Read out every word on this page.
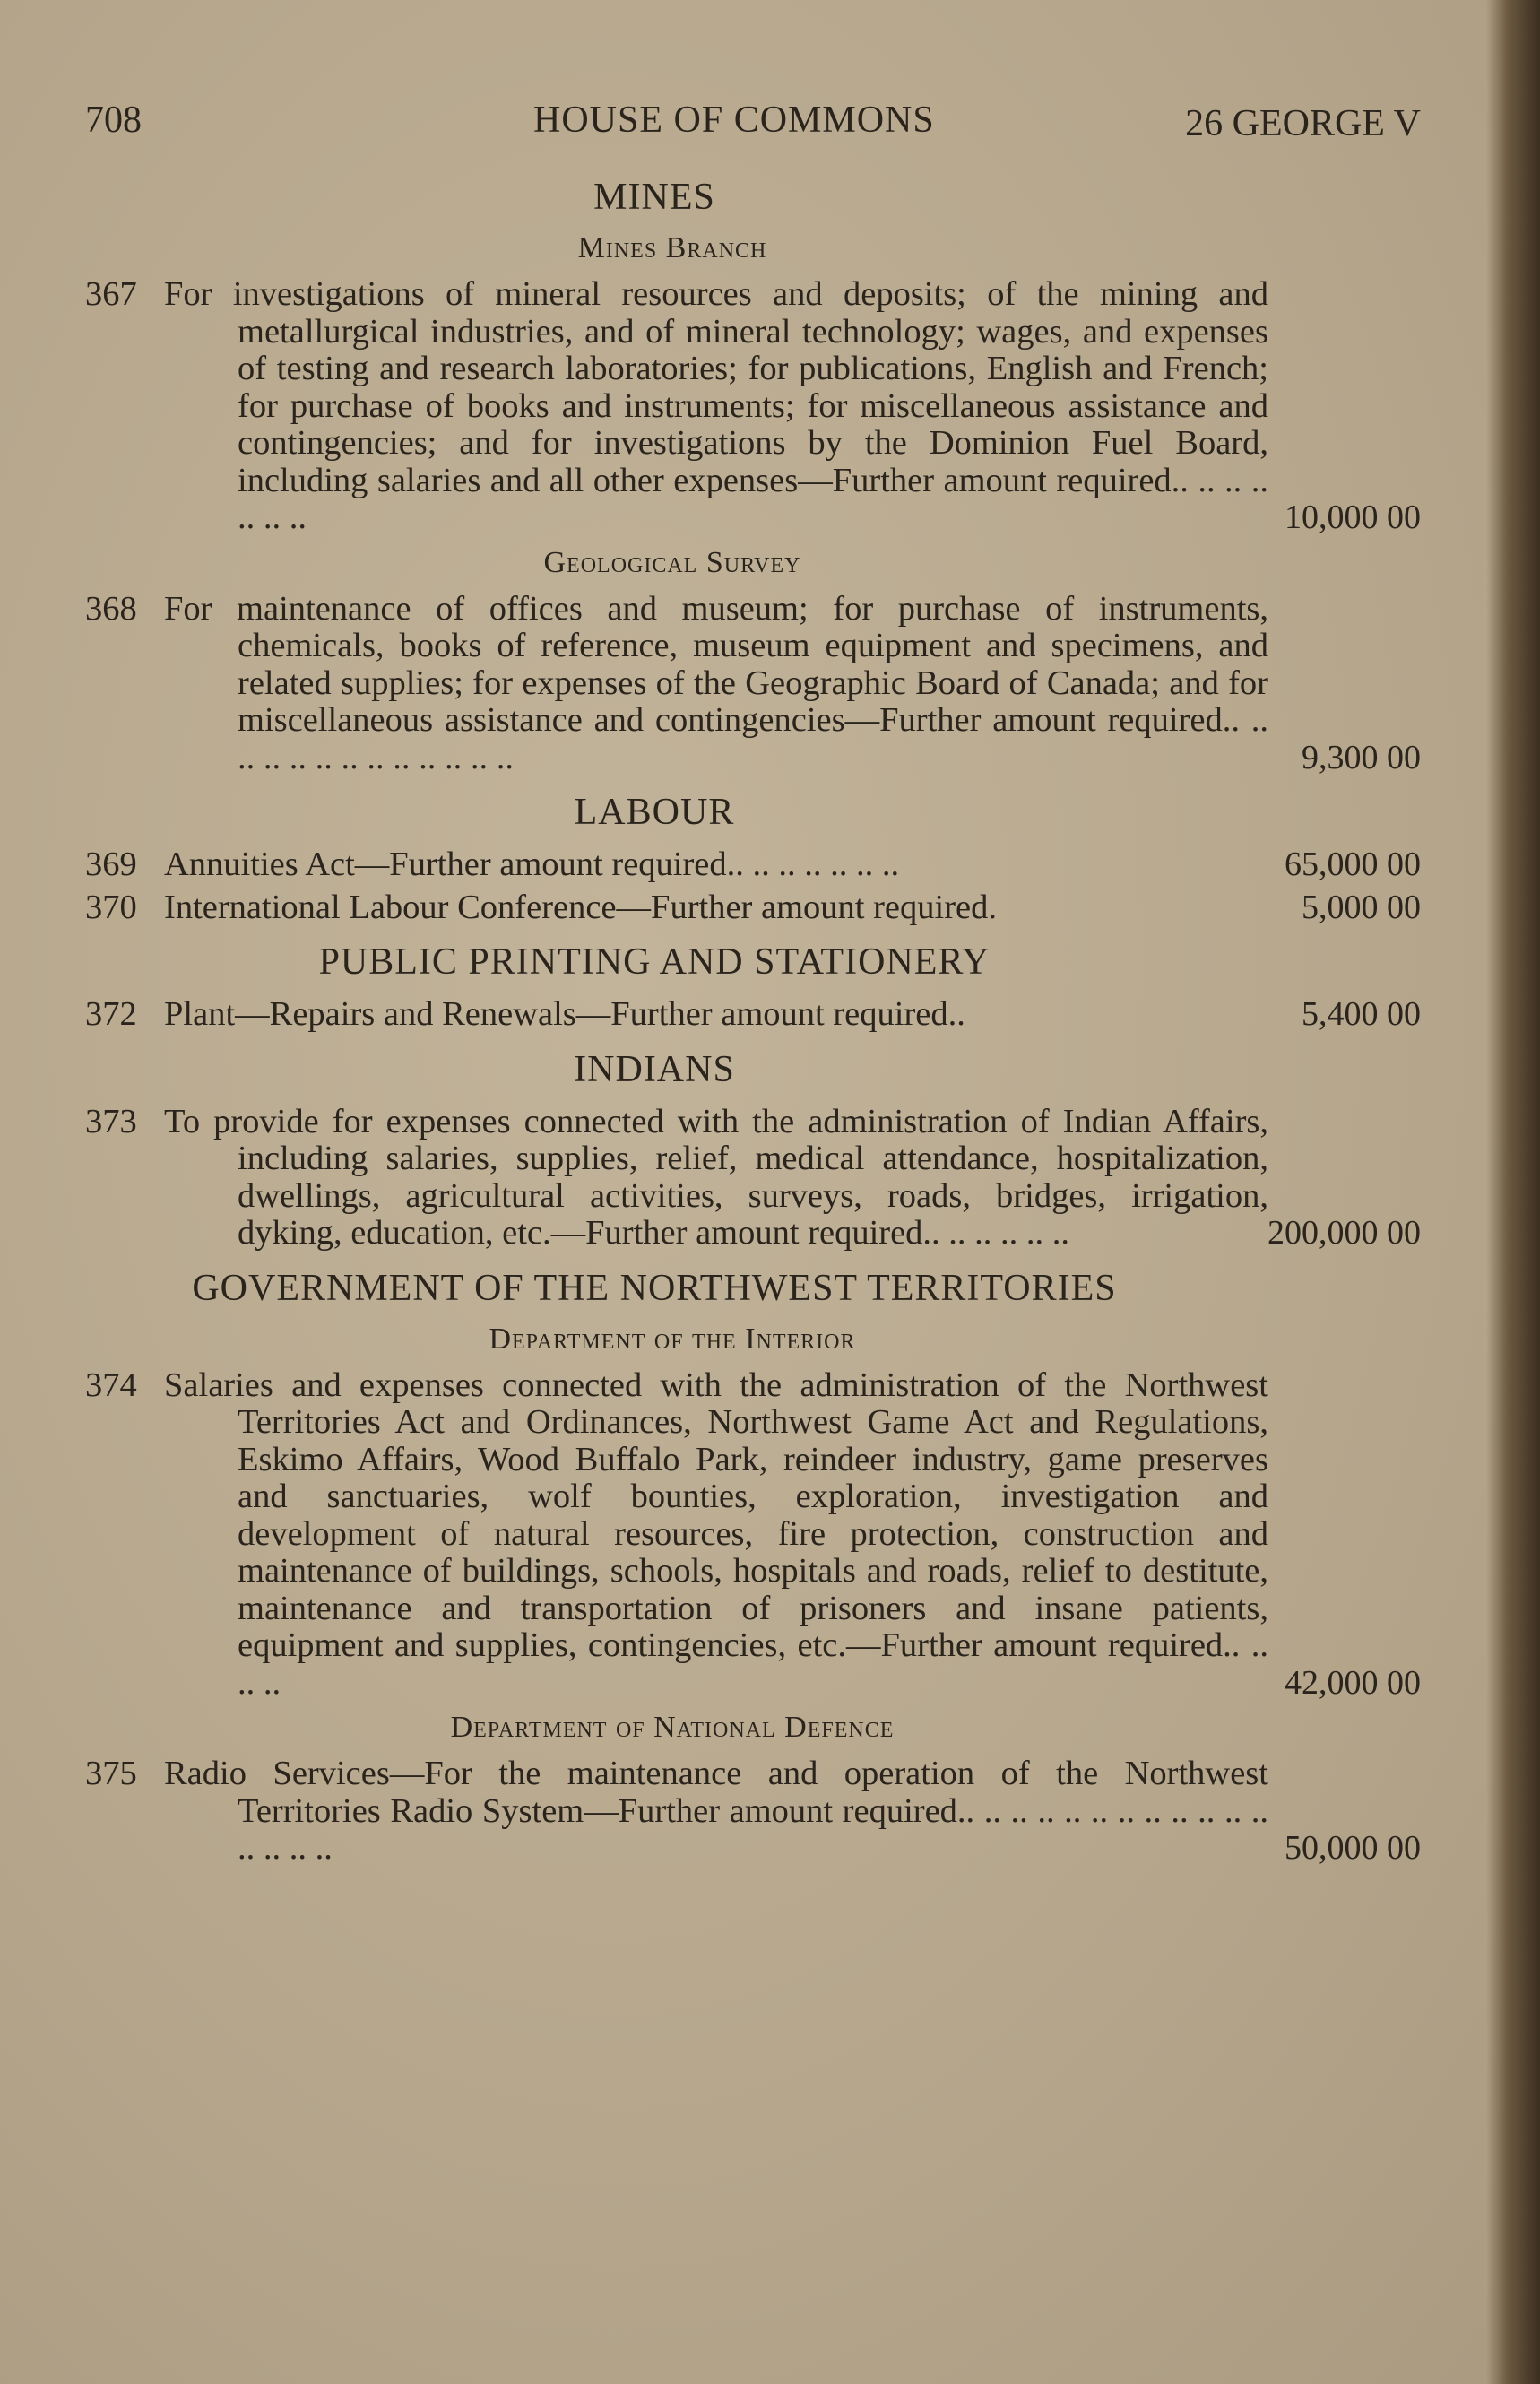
708	HOUSE OF COMMONS	26 GEORGE V
MINES
Mines Branch
367 For investigations of mineral resources and deposits; of the mining and metallurgical industries, and of mineral technology; wages, and expenses of testing and research laboratories; for publications, English and French; for purchase of books and instruments; for miscellaneous assistance and contingencies; and for investigations by the Dominion Fuel Board, including salaries and all other expenses—Further amount required.. .. .. .. .. .. ..	10,000 00
Geological Survey
368 For maintenance of offices and museum; for purchase of instruments, chemicals, books of reference, museum equipment and specimens, and related supplies; for expenses of the Geographic Board of Canada; and for miscellaneous assistance and contingencies—Further amount required.. .. .. .. .. .. .. .. .. .. .. .. ..	9,300 00
LABOUR
369 Annuities Act—Further amount required.. .. .. .. .. .. ..	65,000 00
370 International Labour Conference—Further amount required.	5,000 00
PUBLIC PRINTING AND STATIONERY
372 Plant—Repairs and Renewals—Further amount required..	5,400 00
INDIANS
373 To provide for expenses connected with the administration of Indian Affairs, including salaries, supplies, relief, medical attendance, hospitalization, dwellings, agricultural activities, surveys, roads, bridges, irrigation, dyking, education, etc.—Further amount required.. .. .. .. .. ..	200,000 00
GOVERNMENT OF THE NORTHWEST TERRITORIES
Department of the Interior
374 Salaries and expenses connected with the administration of the Northwest Territories Act and Ordinances, Northwest Game Act and Regulations, Eskimo Affairs, Wood Buffalo Park, reindeer industry, game preserves and sanctuaries, wolf bounties, exploration, investigation and development of natural resources, fire protection, construction and maintenance of buildings, schools, hospitals and roads, relief to destitute, maintenance and transportation of prisoners and insane patients, equipment and supplies, contingencies, etc.—Further amount required.. .. .. ..	42,000 00
Department of National Defence
375 Radio Services—For the maintenance and operation of the Northwest Territories Radio System—Further amount required.. .. .. .. .. .. .. .. .. .. .. .. .. .. .. ..	50,000 00
